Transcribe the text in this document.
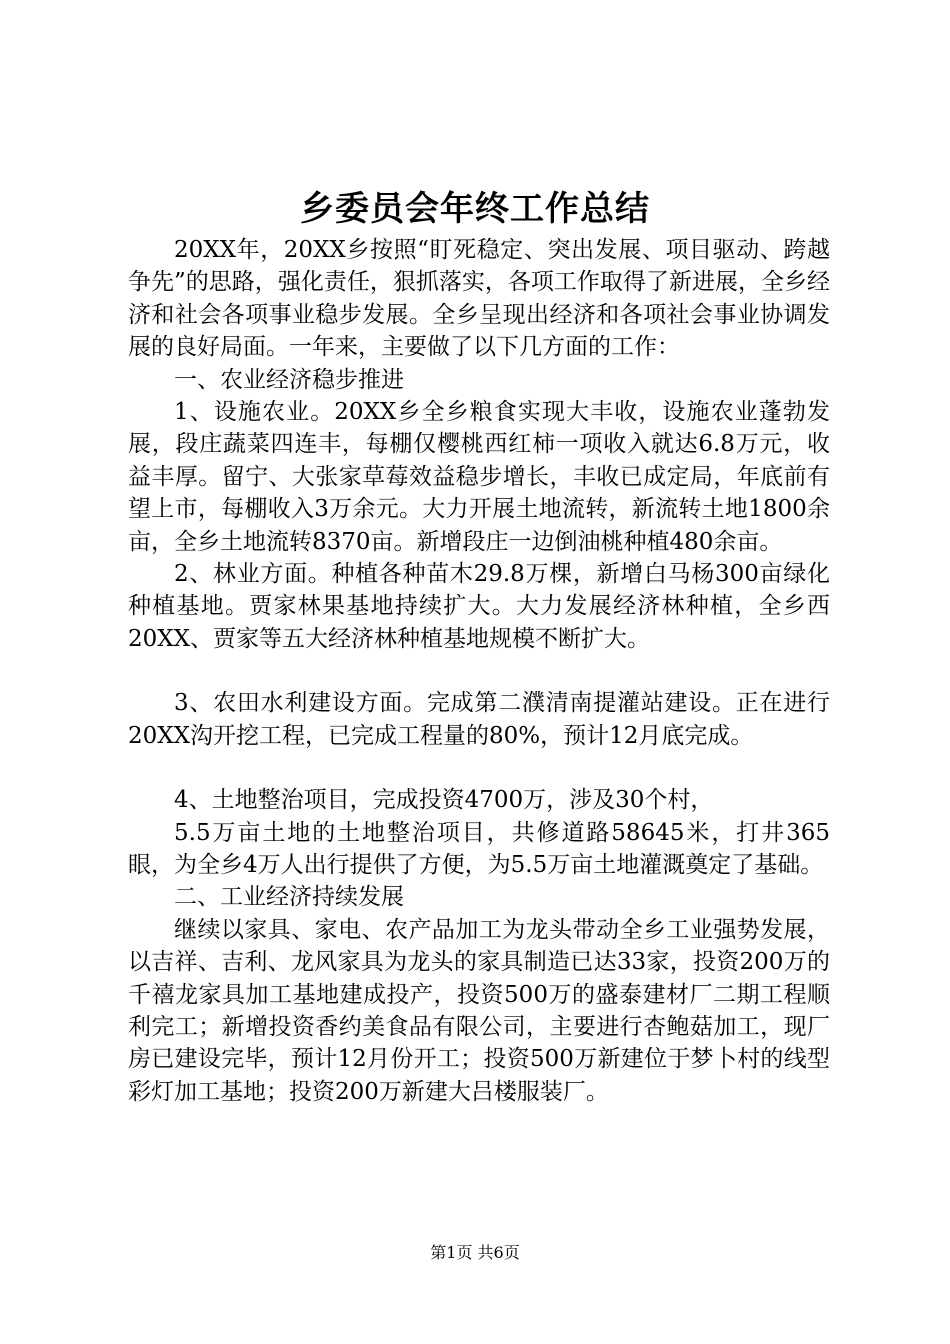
乡委员会年终工作总结

20XX年，20XX乡按照“盯死稳定、突出发展、项目驱动、跨越争先”的思路，强化责任，狠抓落实，各项工作取得了新进展，全乡经济和社会各项事业稳步发展。全乡呈现出经济和各项社会事业协调发展的良好局面。一年来，主要做了以下几方面的工作：

一、农业经济稳步推进

1、设施农业。20XX乡全乡粮食实现大丰收，设施农业蓬勃发展，段庄蔬菜四连丰，每棚仅樱桃西红柿一项收入就达6.8万元，收益丰厚。留宁、大张家草莓效益稳步增长，丰收已成定局，年底前有望上市，每棚收入3万余元。大力开展土地流转，新流转土地1800余亩，全乡土地流转8370亩。新增段庄一边倒油桃种植480余亩。

2、林业方面。种植各种苗木29.8万棵，新增白马杨300亩绿化种植基地。贾家林果基地持续扩大。大力发展经济林种植，全乡西20XX、贾家等五大经济林种植基地规模不断扩大。

3、农田水利建设方面。完成第二濮清南提灌站建设。正在进行20XX沟开挖工程，已完成工程量的80%，预计12月底完成。

4、土地整治项目，完成投资4700万，涉及30个村，

5.5万亩土地的土地整治项目，共修道路58645米，打井365眼，为全乡4万人出行提供了方便，为5.5万亩土地灌溉奠定了基础。

二、工业经济持续发展

继续以家具、家电、农产品加工为龙头带动全乡工业强势发展，以吉祥、吉利、龙风家具为龙头的家具制造已达33家，投资200万的千禧龙家具加工基地建成投产，投资500万的盛泰建材厂二期工程顺利完工；新增投资香约美食品有限公司，主要进行杏鲍菇加工，现厂房已建设完毕，预计12月份开工；投资500万新建位于梦卜村的线型彩灯加工基地；投资200万新建大吕楼服装厂。

第1页 共6页
